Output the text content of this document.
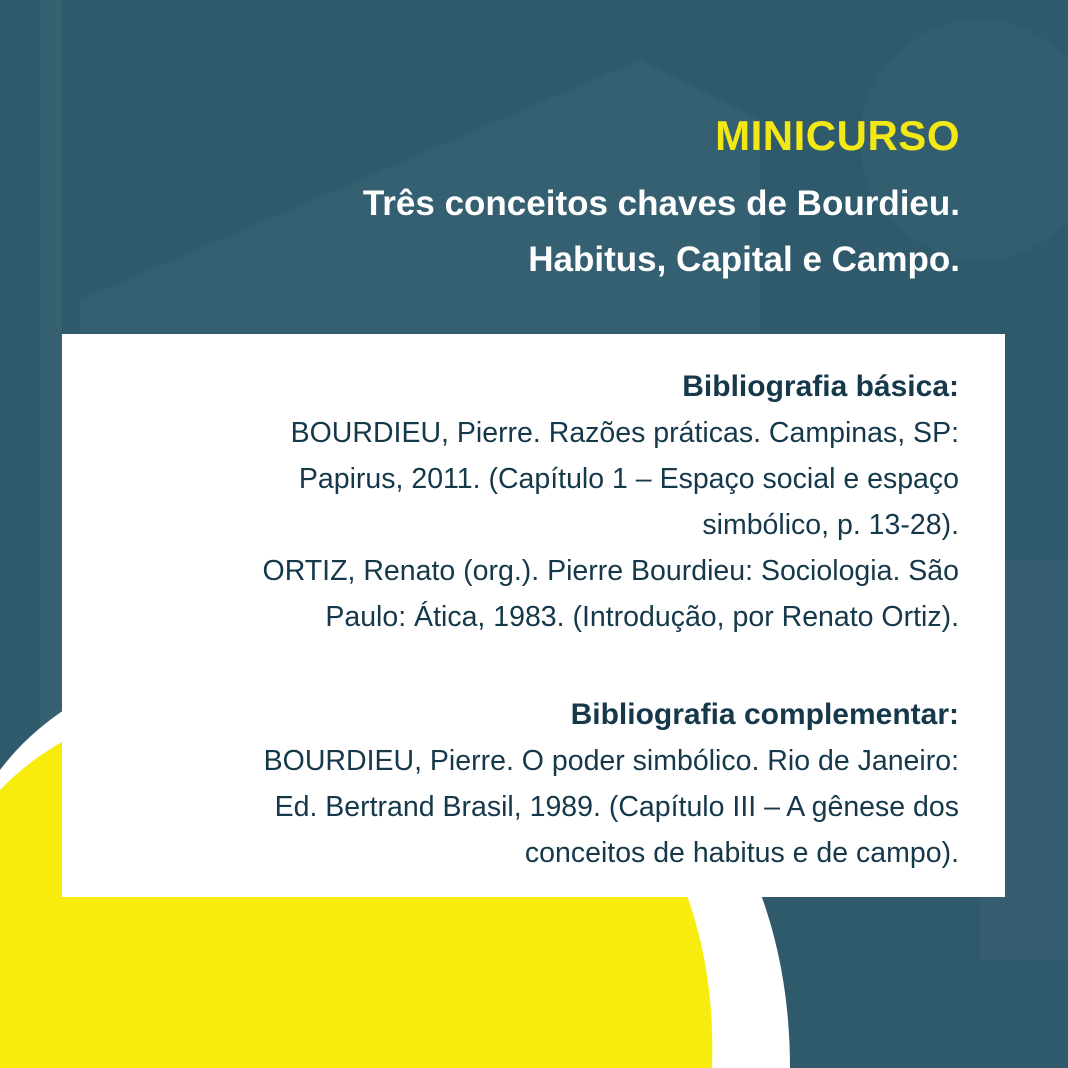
MINICURSO
Três conceitos chaves de Bourdieu.
Habitus, Capital e Campo.

Bibliografia básica:

BOURDIEU, Pierre. Razões práticas. Campinas, SP:

Papirus, 2011. (Capítulo 1 – Espaço social e espaço

simbólico, p. 13-28).

ORTIZ, Renato (org.). Pierre Bourdieu: Sociologia. São

Paulo: Ática, 1983. (Introdução, por Renato Ortiz).

Bibliografia complementar:

BOURDIEU, Pierre. O poder simbólico. Rio de Janeiro:

Ed. Bertrand Brasil, 1989. (Capítulo III – A gênese dos

conceitos de habitus e de campo).
